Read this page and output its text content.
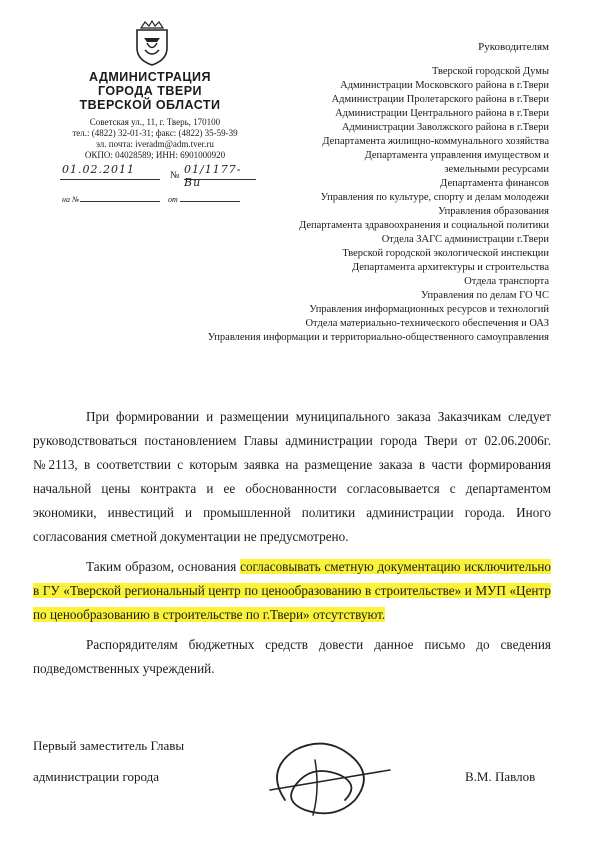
АДМИНИСТРАЦИЯ
ГОРОДА ТВЕРИ
ТВЕРСКОЙ ОБЛАСТИ
Советская ул., 11, г. Тверь, 170100
тел.: (4822) 32-01-31; факс: (4822) 35-59-39
эл. почта: iveradm@adm.tver.ru
ОКПО: 04028589; ИНН: 6901000920
01.02.2011	№ 01/1177-Ви
на №	от
Руководителям
Тверской городской Думы
Администрации Московского района в г.Твери
Администрации Пролетарского района в г.Твери
Администрации Центрального района в г.Твери
Администрации Заволжского района в г.Твери
Департамента жилищно-коммунального хозяйства
Департамента управления имуществом и
земельными ресурсами
Департамента финансов
Управления по культуре, спорту и делам молодежи
Управления образования
Департамента здравоохранения и социальной политики
Отдела ЗАГС администрации г.Твери
Тверской городской экологической инспекции
Департамента архитектуры и строительства
Отдела транспорта
Управления по делам ГО ЧС
Управления информационных ресурсов и технологий
Отдела материально-технического обеспечения и ОАЗ
Управления информации и территориально-общественного самоуправления

При формировании и размещении муниципального заказа Заказчикам следует руководствоваться постановлением Главы администрации города Твери от 02.06.2006г. №2113, в соответствии с которым заявка на размещение заказа в части формирования начальной цены контракта и ее обоснованности согласовывается с департаментом экономики, инвестиций и промышленной политики администрации города. Иного согласования сметной документации не предусмотрено.

Таким образом, основания согласовывать сметную документацию исключительно в ГУ «Тверской региональный центр по ценообразованию в строительстве» и МУП «Центр по ценообразованию в строительстве по г.Твери» отсутствуют.

Распорядителям бюджетных средств довести данное письмо до сведения подведомственных учреждений.

Первый заместитель Главы
администрации города	В.М. Павлов
